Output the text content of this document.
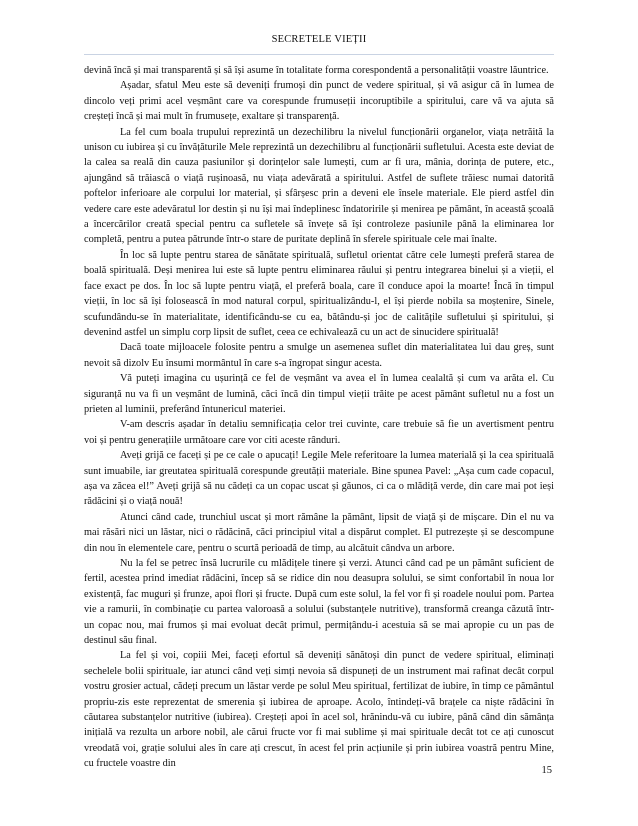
SECRETELE VIEȚII

devină încă și mai transparentă și să își asume în totalitate forma corespondentă a personalității voastre lăuntrice.

Așadar, sfatul Meu este să deveniți frumoși din punct de vedere spiritual, și vă asigur că în lumea de dincolo veți primi acel veșmânt care va corespunde frumuseții incoruptibile a spiritului, care vă va ajuta să creșteți încă și mai mult în frumusețe, exaltare și transparență.

La fel cum boala trupului reprezintă un dezechilibru la nivelul funcționării organelor, viața netrăită la unison cu iubirea și cu învățăturile Mele reprezintă un dezechilibru al funcționării sufletului. Acesta este deviat de la calea sa reală din cauza pasiunilor și dorințelor sale lumești, cum ar fi ura, mânia, dorința de putere, etc., ajungând să trăiască o viață rușinoasă, nu viața adevărată a spiritului. Astfel de suflete trăiesc numai datorită poftelor inferioare ale corpului lor material, și sfârșesc prin a deveni ele însele materiale. Ele pierd astfel din vedere care este adevăratul lor destin și nu își mai îndeplinesc îndatoririle și menirea pe pământ, în această școală a încercărilor creată special pentru ca sufletele să învețe să își controleze pasiunile până la eliminarea lor completă, pentru a putea pătrunde într-o stare de puritate deplină în sferele spirituale cele mai înalte.

În loc să lupte pentru starea de sănătate spirituală, sufletul orientat către cele lumești preferă starea de boală spirituală. Deși menirea lui este să lupte pentru eliminarea răului și pentru integrarea binelui și a vieții, el face exact pe dos. În loc să lupte pentru viață, el preferă boala, care îl conduce apoi la moarte! Încă în timpul vieții, în loc să își folosească în mod natural corpul, spiritualizându-l, el își pierde nobila sa moștenire, Sinele, scufundându-se în materialitate, identificându-se cu ea, bătându-și joc de calitățile sufletului și spiritului, și devenind astfel un simplu corp lipsit de suflet, ceea ce echivalează cu un act de sinucidere spirituală!

Dacă toate mijloacele folosite pentru a smulge un asemenea suflet din materialitatea lui dau greș, sunt nevoit să dizolv Eu însumi mormântul în care s-a îngropat singur acesta.

Vă puteți imagina cu ușurință ce fel de veșmânt va avea el în lumea cealaltă și cum va arăta el. Cu siguranță nu va fi un veșmânt de lumină, căci încă din timpul vieții trăite pe acest pământ sufletul nu a fost un prieten al luminii, preferând întunericul materiei.

V-am descris așadar în detaliu semnificația celor trei cuvinte, care trebuie să fie un avertisment pentru voi și pentru generațiile următoare care vor citi aceste rânduri.

Aveți grijă ce faceți și pe ce cale o apucați! Legile Mele referitoare la lumea materială și la cea spirituală sunt imuabile, iar greutatea spirituală corespunde greutății materiale. Bine spunea Pavel: „Așa cum cade copacul, așa va zăcea el!” Aveți grijă să nu cădeți ca un copac uscat și găunos, ci ca o mlădiță verde, din care mai pot ieși rădăcini și o viață nouă!

Atunci când cade, trunchiul uscat și mort rămâne la pământ, lipsit de viață și de mișcare. Din el nu va mai răsări nici un lăstar, nici o rădăcină, căci principiul vital a dispărut complet. El putrezește și se descompune din nou în elementele care, pentru o scurtă perioadă de timp, au alcătuit cândva un arbore.

Nu la fel se petrec însă lucrurile cu mlădițele tinere și verzi. Atunci când cad pe un pământ suficient de fertil, acestea prind imediat rădăcini, încep să se ridice din nou deasupra solului, se simt confortabil în noua lor existență, fac muguri și frunze, apoi flori și fructe. După cum este solul, la fel vor fi și roadele noului pom. Partea vie a ramurii, în combinație cu partea valoroasă a solului (substanțele nutritive), transformă creanga căzută într-un copac nou, mai frumos și mai evoluat decât primul, permițându-i acestuia să se mai apropie cu un pas de destinul său final.

La fel și voi, copiii Mei, faceți efortul să deveniți sănătoși din punct de vedere spiritual, eliminați sechelele bolii spirituale, iar atunci când veți simți nevoia să dispuneți de un instrument mai rafinat decât corpul vostru grosier actual, cădeți precum un lăstar verde pe solul Meu spiritual, fertilizat de iubire, în timp ce pământul propriu-zis este reprezentat de smerenia și iubirea de aproape. Acolo, întindeți-vă brațele ca niște rădăcini în căutarea substanțelor nutritive (iubirea). Creșteți apoi în acel sol, hrănindu-vă cu iubire, până când din sămânța inițială va rezulta un arbore nobil, ale cărui fructe vor fi mai sublime și mai spirituale decât tot ce ați cunoscut vreodată voi, grație solului ales în care ați crescut, în acest fel prin acțiunile și prin iubirea voastră pentru Mine, cu fructele voastre din

15
